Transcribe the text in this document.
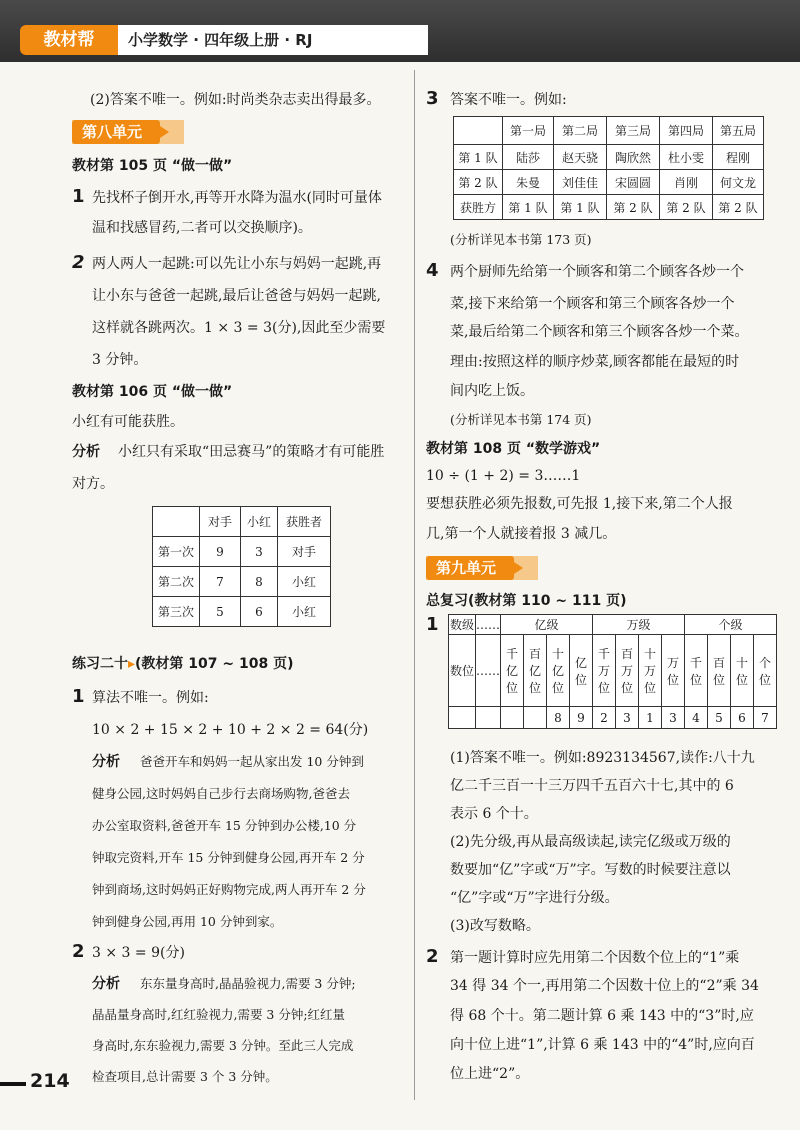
教材帮	小学数学 · 四年级上册 · RJ
(2)答案不唯一。例如:时尚类杂志卖出得最多。
第八单元
教材第 105 页 “做一做”
1 先找杯子倒开水,再等开水降为温水(同时可量体
温和找感冒药,二者可以交换顺序)。
2 两人两人一起跳:可以先让小东与妈妈一起跳,再
让小东与爸爸一起跳,最后让爸爸与妈妈一起跳,
这样就各跳两次。1 × 3 = 3(分),因此至少需要
3 分钟。
教材第 106 页 “做一做”
小红有可能获胜。
分析 小红只有采取“田忌赛马”的策略才有可能胜
对方。
	对手	小红	获胜者
第一次	9	3	对手
第二次	7	8	小红
第三次	5	6	小红
练习二十▸(教材第 107 ~ 108 页)
1 算法不唯一。例如:
10 × 2 + 15 × 2 + 10 + 2 × 2 = 64(分)
分析 爸爸开车和妈妈一起从家出发 10 分钟到
健身公园,这时妈妈自己步行去商场购物,爸爸去
办公室取资料,爸爸开车 15 分钟到办公楼,10 分
钟取完资料,开车 15 分钟到健身公园,再开车 2 分
钟到商场,这时妈妈正好购物完成,两人再开车 2 分
钟到健身公园,再用 10 分钟到家。
2 3 × 3 = 9(分)
分析 东东量身高时,晶晶验视力,需要 3 分钟;
晶晶量身高时,红红验视力,需要 3 分钟;红红量
身高时,东东验视力,需要 3 分钟。至此三人完成
检查项目,总计需要 3 个 3 分钟。
214
3 答案不唯一。例如:
	第一局	第二局	第三局	第四局	第五局
第 1 队	陆莎	赵天骁	陶欣然	杜小雯	程刚
第 2 队	朱曼	刘佳佳	宋圆圆	肖刚	何文龙
获胜方	第 1 队	第 1 队	第 2 队	第 2 队	第 2 队
(分析详见本书第 173 页)
4 两个厨师先给第一个顾客和第二个顾客各炒一个
菜,接下来给第一个顾客和第三个顾客各炒一个
菜,最后给第二个顾客和第三个顾客各炒一个菜。
理由:按照这样的顺序炒菜,顾客都能在最短的时
间内吃上饭。
(分析详见本书第 174 页)
教材第 108 页 “数学游戏”
10 ÷ (1 + 2) = 3……1
要想获胜必须先报数,可先报 1,接下来,第二个人报
几,第一个人就接着报 3 减几。
第九单元
总复习(教材第 110 ~ 111 页)
1 数级	……	亿级				万级				个级			
数位	……	千亿位	百亿位	十亿位	亿位	千万位	百万位	十万位	万位	千位	百位	十位	个位
				8	9	2	3	1	3	4	5	6	7
(1)答案不唯一。例如:8923134567,读作:八十九
亿二千三百一十三万四千五百六十七,其中的 6
表示 6 个十。
(2)先分级,再从最高级读起,读完亿级或万级的
数要加“亿”字或“万”字。写数的时候要注意以
“亿”字或“万”字进行分级。
(3)改写数略。
2 第一题计算时应先用第二个因数个位上的“1”乘
34 得 34 个一,再用第二个因数十位上的“2”乘 34
得 68 个十。第二题计算 6 乘 143 中的“3”时,应
向十位上进“1”,计算 6 乘 143 中的“4”时,应向百
位上进“2”。
